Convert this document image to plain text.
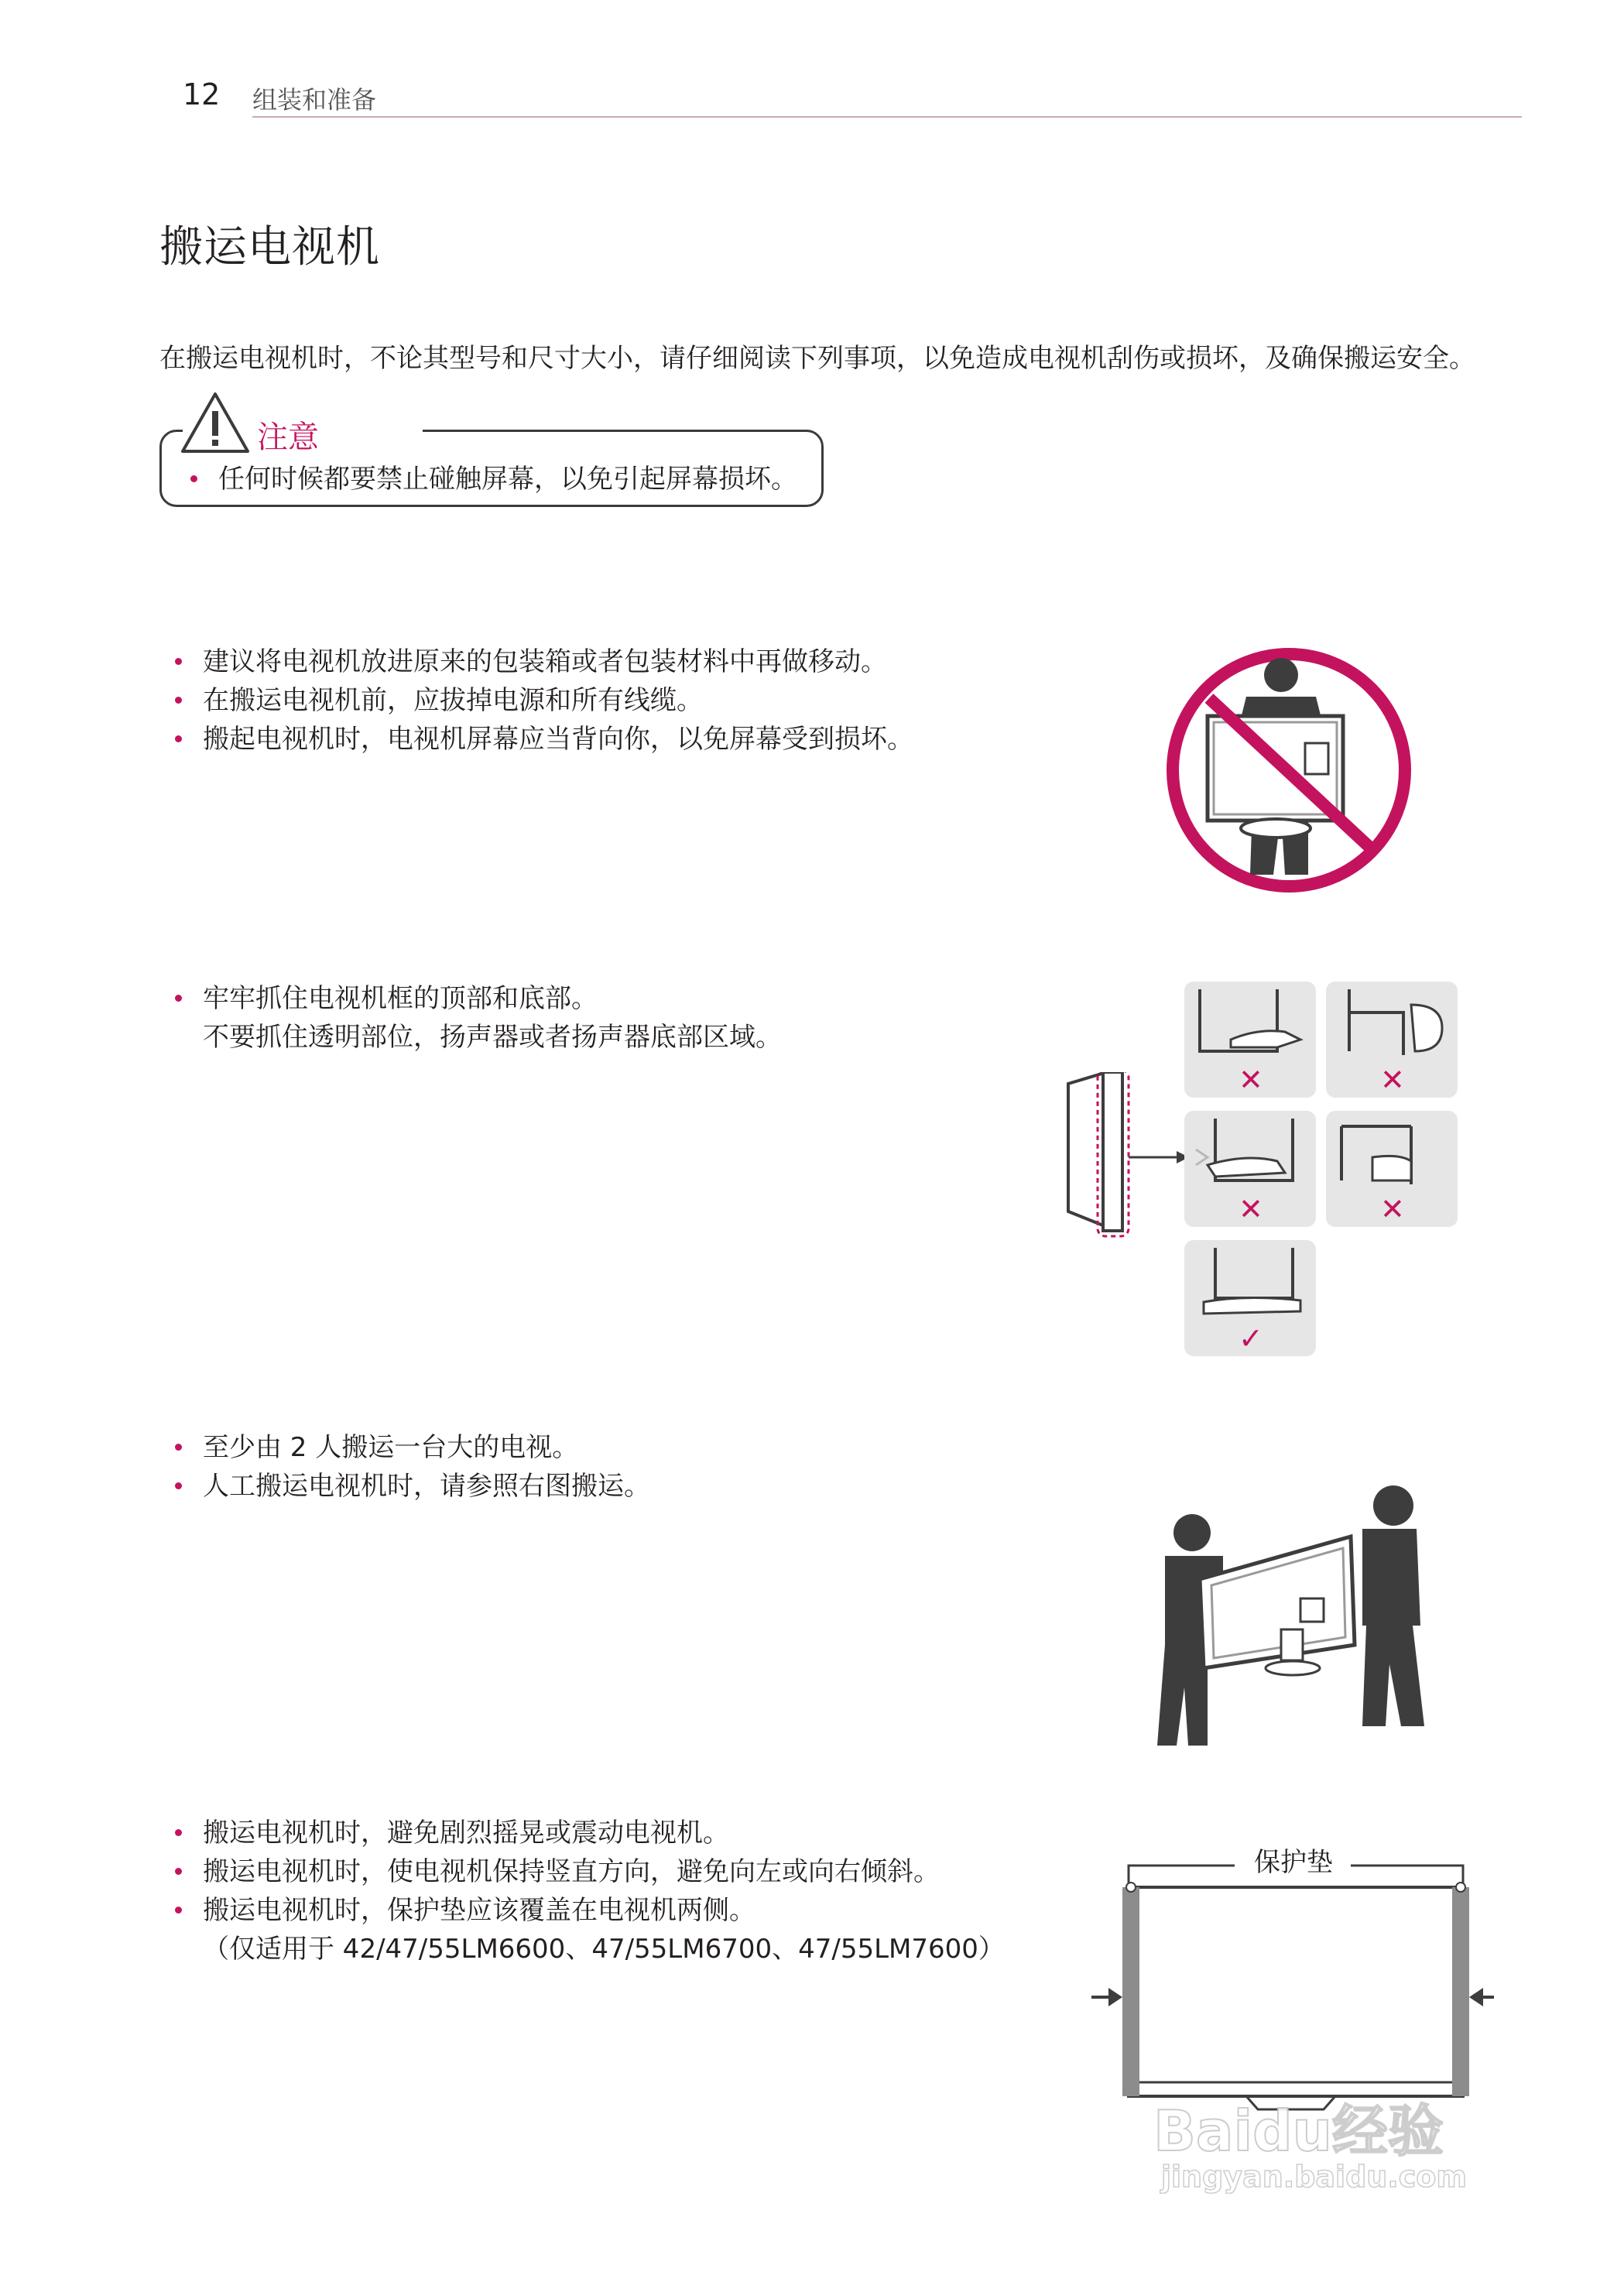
12 组装和准备
搬运电视机
在搬运电视机时，不论其型号和尺寸大小，请仔细阅读下列事项，以免造成电视机刮伤或损坏，及确保搬运安全。
注意
任何时候都要禁止碰触屏幕，以免引起屏幕损坏。
建议将电视机放进原来的包装箱或者包装材料中再做移动。
在搬运电视机前，应拔掉电源和所有线缆。
搬起电视机时，电视机屏幕应当背向你，以免屏幕受到损坏。
牢牢抓住电视机框的顶部和底部。
不要抓住透明部位，扬声器或者扬声器底部区域。
✕	✕
✕	✕
✓
至少由 2 人搬运一台大的电视。
人工搬运电视机时，请参照右图搬运。
搬运电视机时，避免剧烈摇晃或震动电视机。
搬运电视机时，使电视机保持竖直方向，避免向左或向右倾斜。
搬运电视机时，保护垫应该覆盖在电视机两侧。
（仅适用于 42/47/55LM6600、47/55LM6700、47/55LM7600）
保护垫
Baidu经验
jingyan.baidu.com
